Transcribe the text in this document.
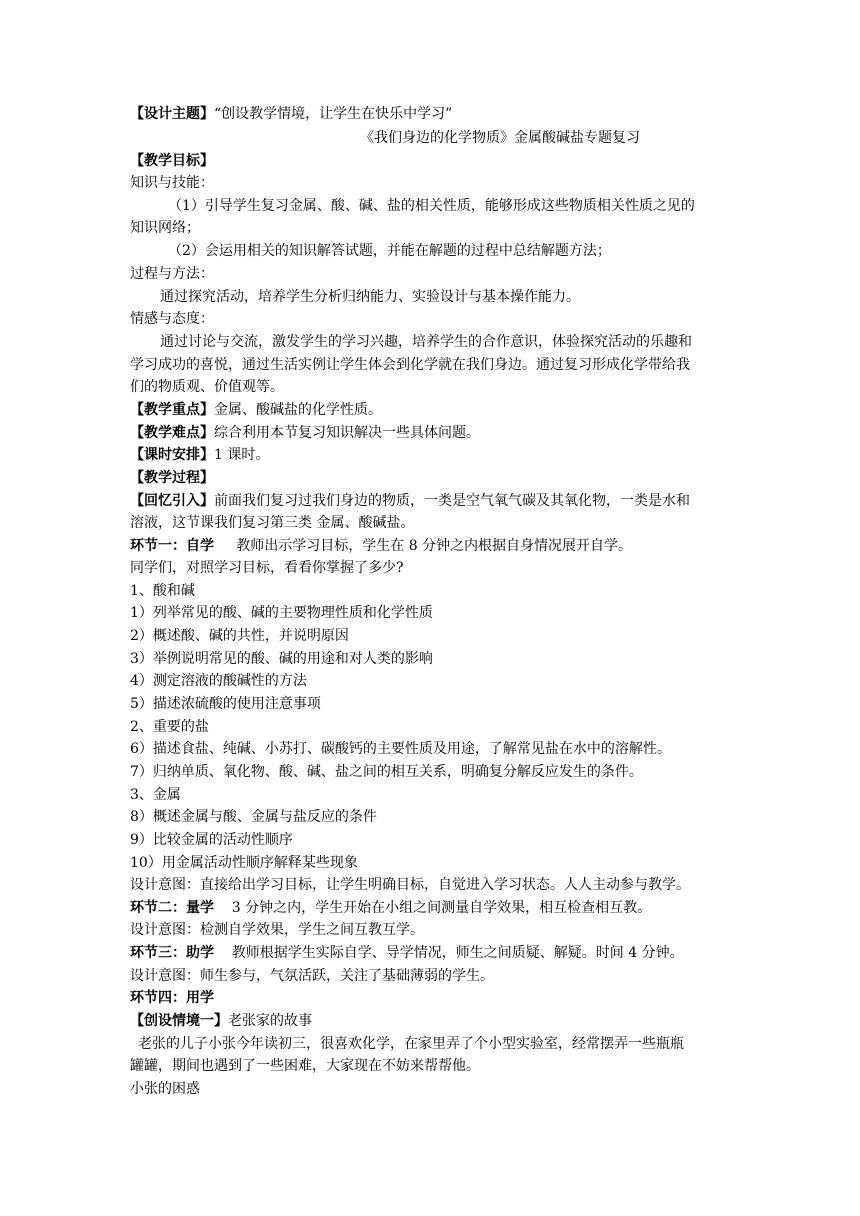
【设计主题】“创设教学情境，让学生在快乐中学习”
《我们身边的化学物质》金属酸碱盐专题复习
【教学目标】
知识与技能：
（1）引导学生复习金属、酸、碱、盐的相关性质，能够形成这些物质相关性质之见的
知识网络；
（2）会运用相关的知识解答试题，并能在解题的过程中总结解题方法；
过程与方法：
通过探究活动，培养学生分析归纳能力、实验设计与基本操作能力。
情感与态度：
通过讨论与交流，激发学生的学习兴趣，培养学生的合作意识，体验探究活动的乐趣和
学习成功的喜悦，通过生活实例让学生体会到化学就在我们身边。通过复习形成化学带给我
们的物质观、价值观等。
【教学重点】金属、酸碱盐的化学性质。
【教学难点】综合利用本节复习知识解决一些具体问题。
【课时安排】1 课时。
【教学过程】
【回忆引入】前面我们复习过我们身边的物质，一类是空气氧气碳及其氧化物，一类是水和
溶液，这节课我们复习第三类 金属、酸碱盐。
环节一：自学     教师出示学习目标，学生在 8 分钟之内根据自身情况展开自学。
同学们，对照学习目标，看看你掌握了多少?
1、酸和碱
1）列举常见的酸、碱的主要物理性质和化学性质
2）概述酸、碱的共性，并说明原因
3）举例说明常见的酸、碱的用途和对人类的影响
4）测定溶液的酸碱性的方法
5）描述浓硫酸的使用注意事项
2、重要的盐
6）描述食盐、纯碱、小苏打、碳酸钙的主要性质及用途，了解常见盐在水中的溶解性。
7）归纳单质、氧化物、酸、碱、盐之间的相互关系，明确复分解反应发生的条件。
3、金属
8）概述金属与酸、金属与盐反应的条件
9）比较金属的活动性顺序
10）用金属活动性顺序解释某些现象
设计意图：直接给出学习目标，让学生明确目标，自觉进入学习状态。人人主动参与教学。
环节二：量学    3 分钟之内，学生开始在小组之间测量自学效果，相互检查相互教。
设计意图：检测自学效果，学生之间互教互学。
环节三：助学    教师根据学生实际自学、导学情况，师生之间质疑、解疑。时间 4 分钟。
设计意图：师生参与，气氛活跃，关注了基础薄弱的学生。
环节四：用学
【创设情境一】老张家的故事
老张的儿子小张今年读初三，很喜欢化学，在家里弄了个小型实验室，经常摆弄一些瓶瓶
罐罐，期间也遇到了一些困难，大家现在不妨来帮帮他。
小张的困惑
